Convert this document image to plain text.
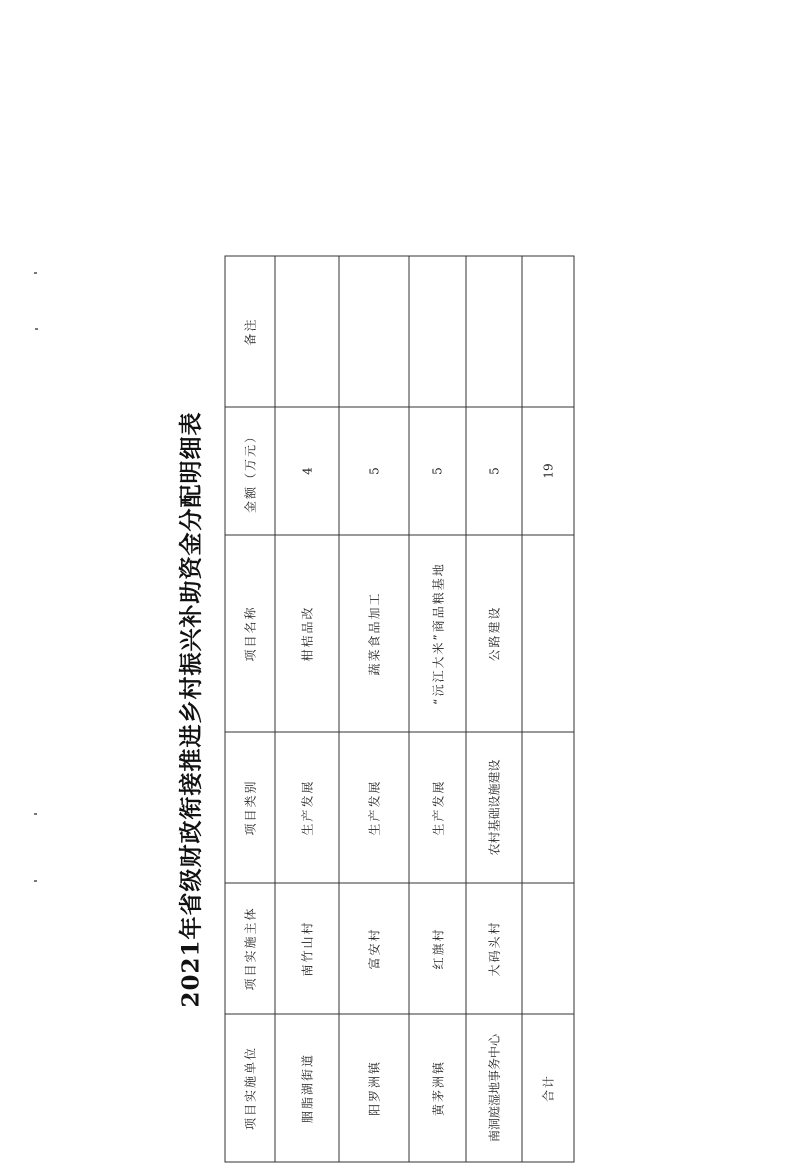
2021年省级财政衔接推进乡村振兴补助资金分配明细表
项目实施单位	项目实施主体	项目类别	项目名称	金额（万元）	备注
胭脂湖街道	南竹山村	生产发展	柑桔品改	4	
阳罗洲镇	富安村	生产发展	蔬菜食品加工	5	
黄茅洲镇	红旗村	生产发展	“沅江大米”商品粮基地	5	
南洞庭湿地事务中心	大码头村	农村基础设施建设	公路建设	5	
合计				19	
